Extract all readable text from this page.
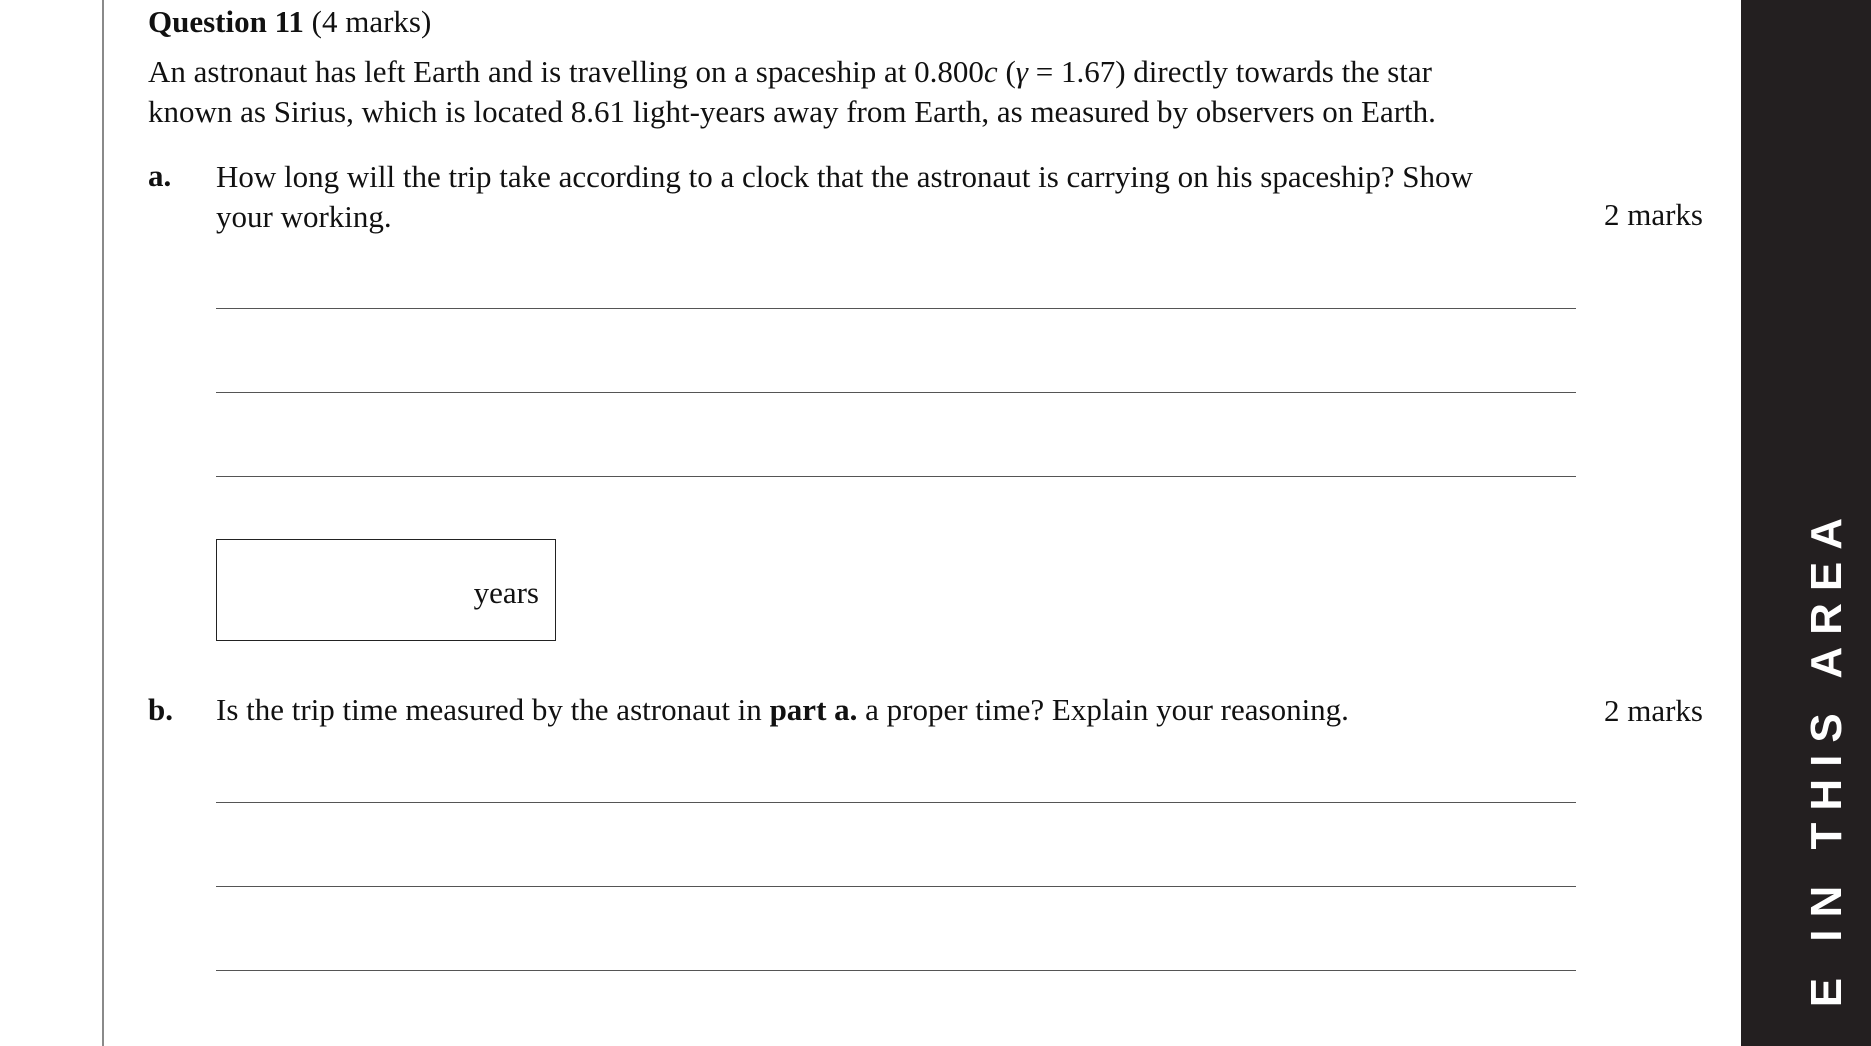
Question 11 (4 marks)
An astronaut has left Earth and is travelling on a spaceship at 0.800c (γ = 1.67) directly towards the star
known as Sirius, which is located 8.61 light-years away from Earth, as measured by observers on Earth.
a. How long will the trip take according to a clock that the astronaut is carrying on his spaceship? Show
your working.	2 marks
years
b. Is the trip time measured by the astronaut in part a. a proper time? Explain your reasoning.	2 marks E IN THIS AREA
